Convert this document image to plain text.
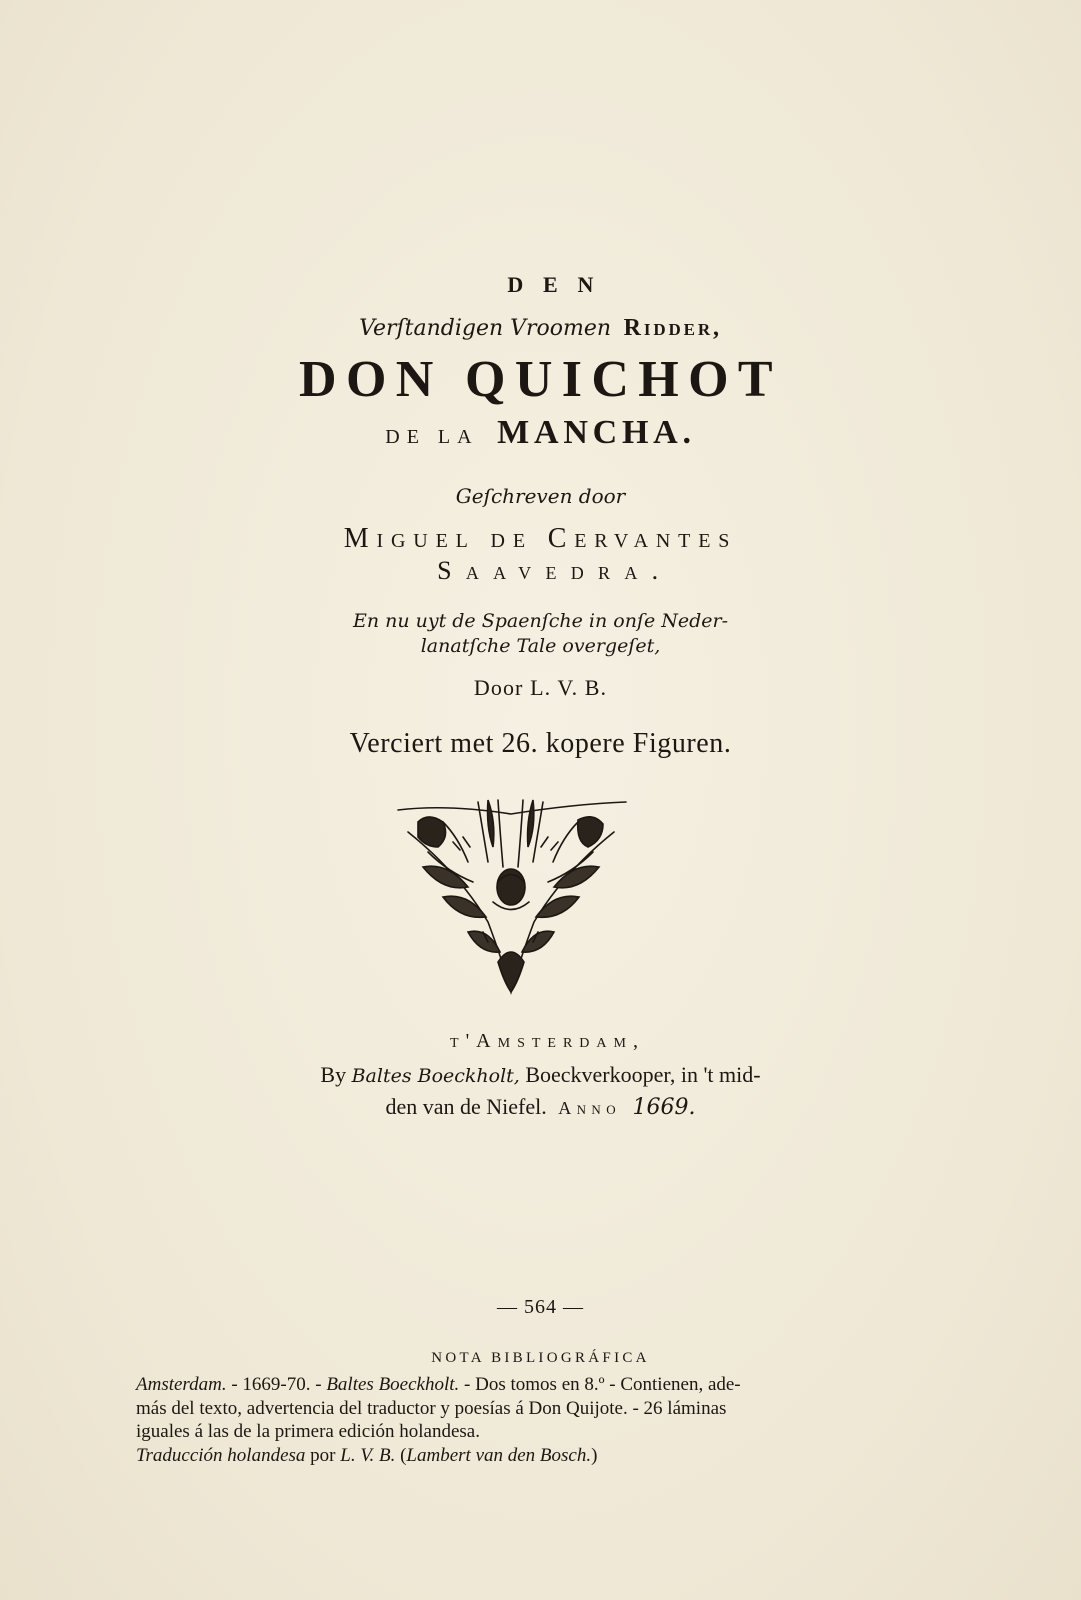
DEN
Verſtandigen Vroomen Ridder,
DON QUICHOT
DE LA MANCHA.
Geſchreven door
Miguel de Cervantes
Saavedra.
En nu uyt de Spaenſche in onſe Neder-
lanatſche Tale overgeſet,
Door L. V. B.
Verciert met 26. kopere Figuren.
t'Amsterdam,
By Baltes Boeckholt, Boeckverkooper, in 't mid-
den van de Niefel. Anno 1669.
— 564 —
NOTA BIBLIOGRÁFICA
Amsterdam. - 1669-70. - Baltes Boeckholt. - Dos tomos en 8.º - Contienen, ade-
más del texto, advertencia del traductor y poesías á Don Quijote. - 26 láminas
iguales á las de la primera edición holandesa.
Traducción holandesa por L. V. B. (Lambert van den Bosch.)
